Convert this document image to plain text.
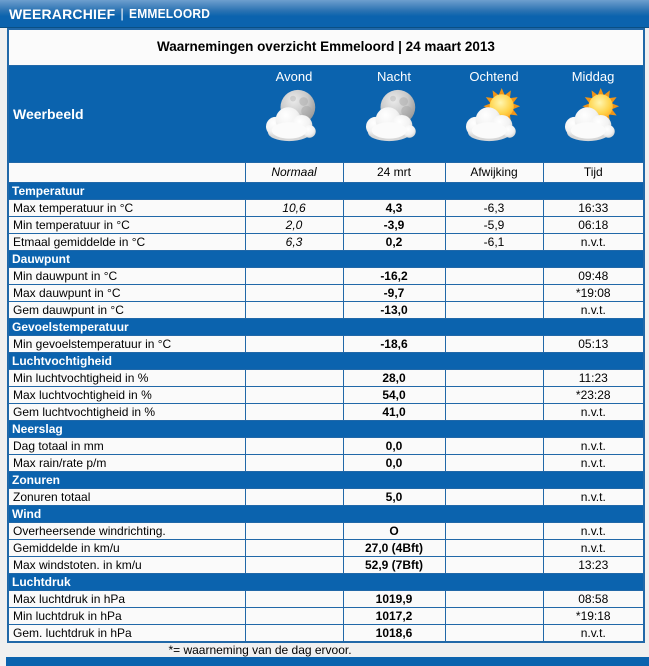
WEERARCHIEF | EMMELOORD
Waarnemingen overzicht Emmeloord | 24 maart 2013				
Weerbeeld	Avond	Nacht	Ochtend	Middag

	Normaal	24 mrt	Afwijking	Tijd
Temperatuur				
Max temperatuur in °C	10,6	4,3	-6,3	16:33
Min temperatuur in °C	2,0	-3,9	-5,9	06:18
Etmaal gemiddelde in °C	6,3	0,2	-6,1	n.v.t.
Dauwpunt				
Min dauwpunt in °C		-16,2		09:48
Max dauwpunt in °C		-9,7		*19:08
Gem dauwpunt in °C		-13,0		n.v.t.
Gevoelstemperatuur				
Min gevoelstemperatuur in °C		-18,6		05:13
Luchtvochtigheid				
Min luchtvochtigheid in %		28,0		11:23
Max luchtvochtigheid in %		54,0		*23:28
Gem luchtvochtigheid in %		41,0		n.v.t.
Neerslag				
Dag totaal in mm		0,0		n.v.t.
Max rain/rate p/m		0,0		n.v.t.
Zonuren				
Zonuren totaal		5,0		n.v.t.
Wind				
Overheersende windrichting.		O		n.v.t.
Gemiddelde in km/u		27,0 (4Bft)		n.v.t.
Max windstoten. in km/u		52,9 (7Bft)		13:23
Luchtdruk				
Max luchtdruk in hPa		1019,9		08:58
Min luchtdruk in hPa		1017,2		*19:18
Gem. luchtdruk in hPa		1018,6		n.v.t.
*= waarneming van de dag ervoor.
